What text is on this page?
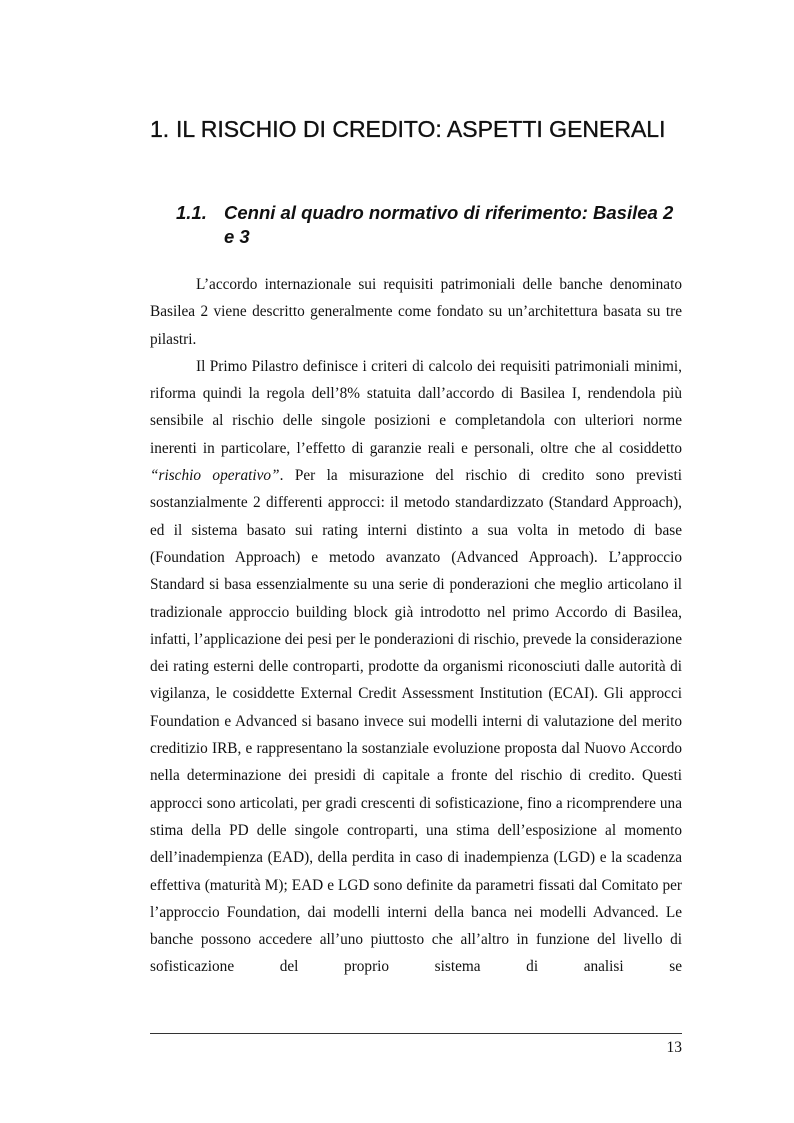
1. IL RISCHIO DI CREDITO: ASPETTI GENERALI
1.1. Cenni al quadro normativo di riferimento: Basilea 2 e 3

L’accordo internazionale sui requisiti patrimoniali delle banche denominato Basilea 2 viene descritto generalmente come fondato su un’architettura basata su tre pilastri.

Il Primo Pilastro definisce i criteri di calcolo dei requisiti patrimoniali minimi, riforma quindi la regola dell’8% statuita dall’accordo di Basilea I, rendendola più sensibile al rischio delle singole posizioni e completandola con ulteriori norme inerenti in particolare, l’effetto di garanzie reali e personali, oltre che al cosiddetto “rischio operativo”. Per la misurazione del rischio di credito sono previsti sostanzialmente 2 differenti approcci: il metodo standardizzato (Standard Approach), ed il sistema basato sui rating interni distinto a sua volta in metodo di base (Foundation Approach) e metodo avanzato (Advanced Approach). L’approccio Standard si basa essenzialmente su una serie di ponderazioni che meglio articolano il tradizionale approccio building block già introdotto nel primo Accordo di Basilea, infatti, l’applicazione dei pesi per le ponderazioni di rischio, prevede la considerazione dei rating esterni delle controparti, prodotte da organismi riconosciuti dalle autorità di vigilanza, le cosiddette External Credit Assessment Institution (ECAI). Gli approcci Foundation e Advanced si basano invece sui modelli interni di valutazione del merito creditizio IRB, e rappresentano la sostanziale evoluzione proposta dal Nuovo Accordo nella determinazione dei presidi di capitale a fronte del rischio di credito. Questi approcci sono articolati, per gradi crescenti di sofisticazione, fino a ricomprendere una stima della PD delle singole controparti, una stima dell’esposizione al momento dell’inadempienza (EAD), della perdita in caso di inadempienza (LGD) e la scadenza effettiva (maturità M); EAD e LGD sono definite da parametri fissati dal Comitato per l’approccio Foundation, dai modelli interni della banca nei modelli Advanced. Le banche possono accedere all’uno piuttosto che all’altro in funzione del livello di sofisticazione del proprio sistema di analisi se

13
